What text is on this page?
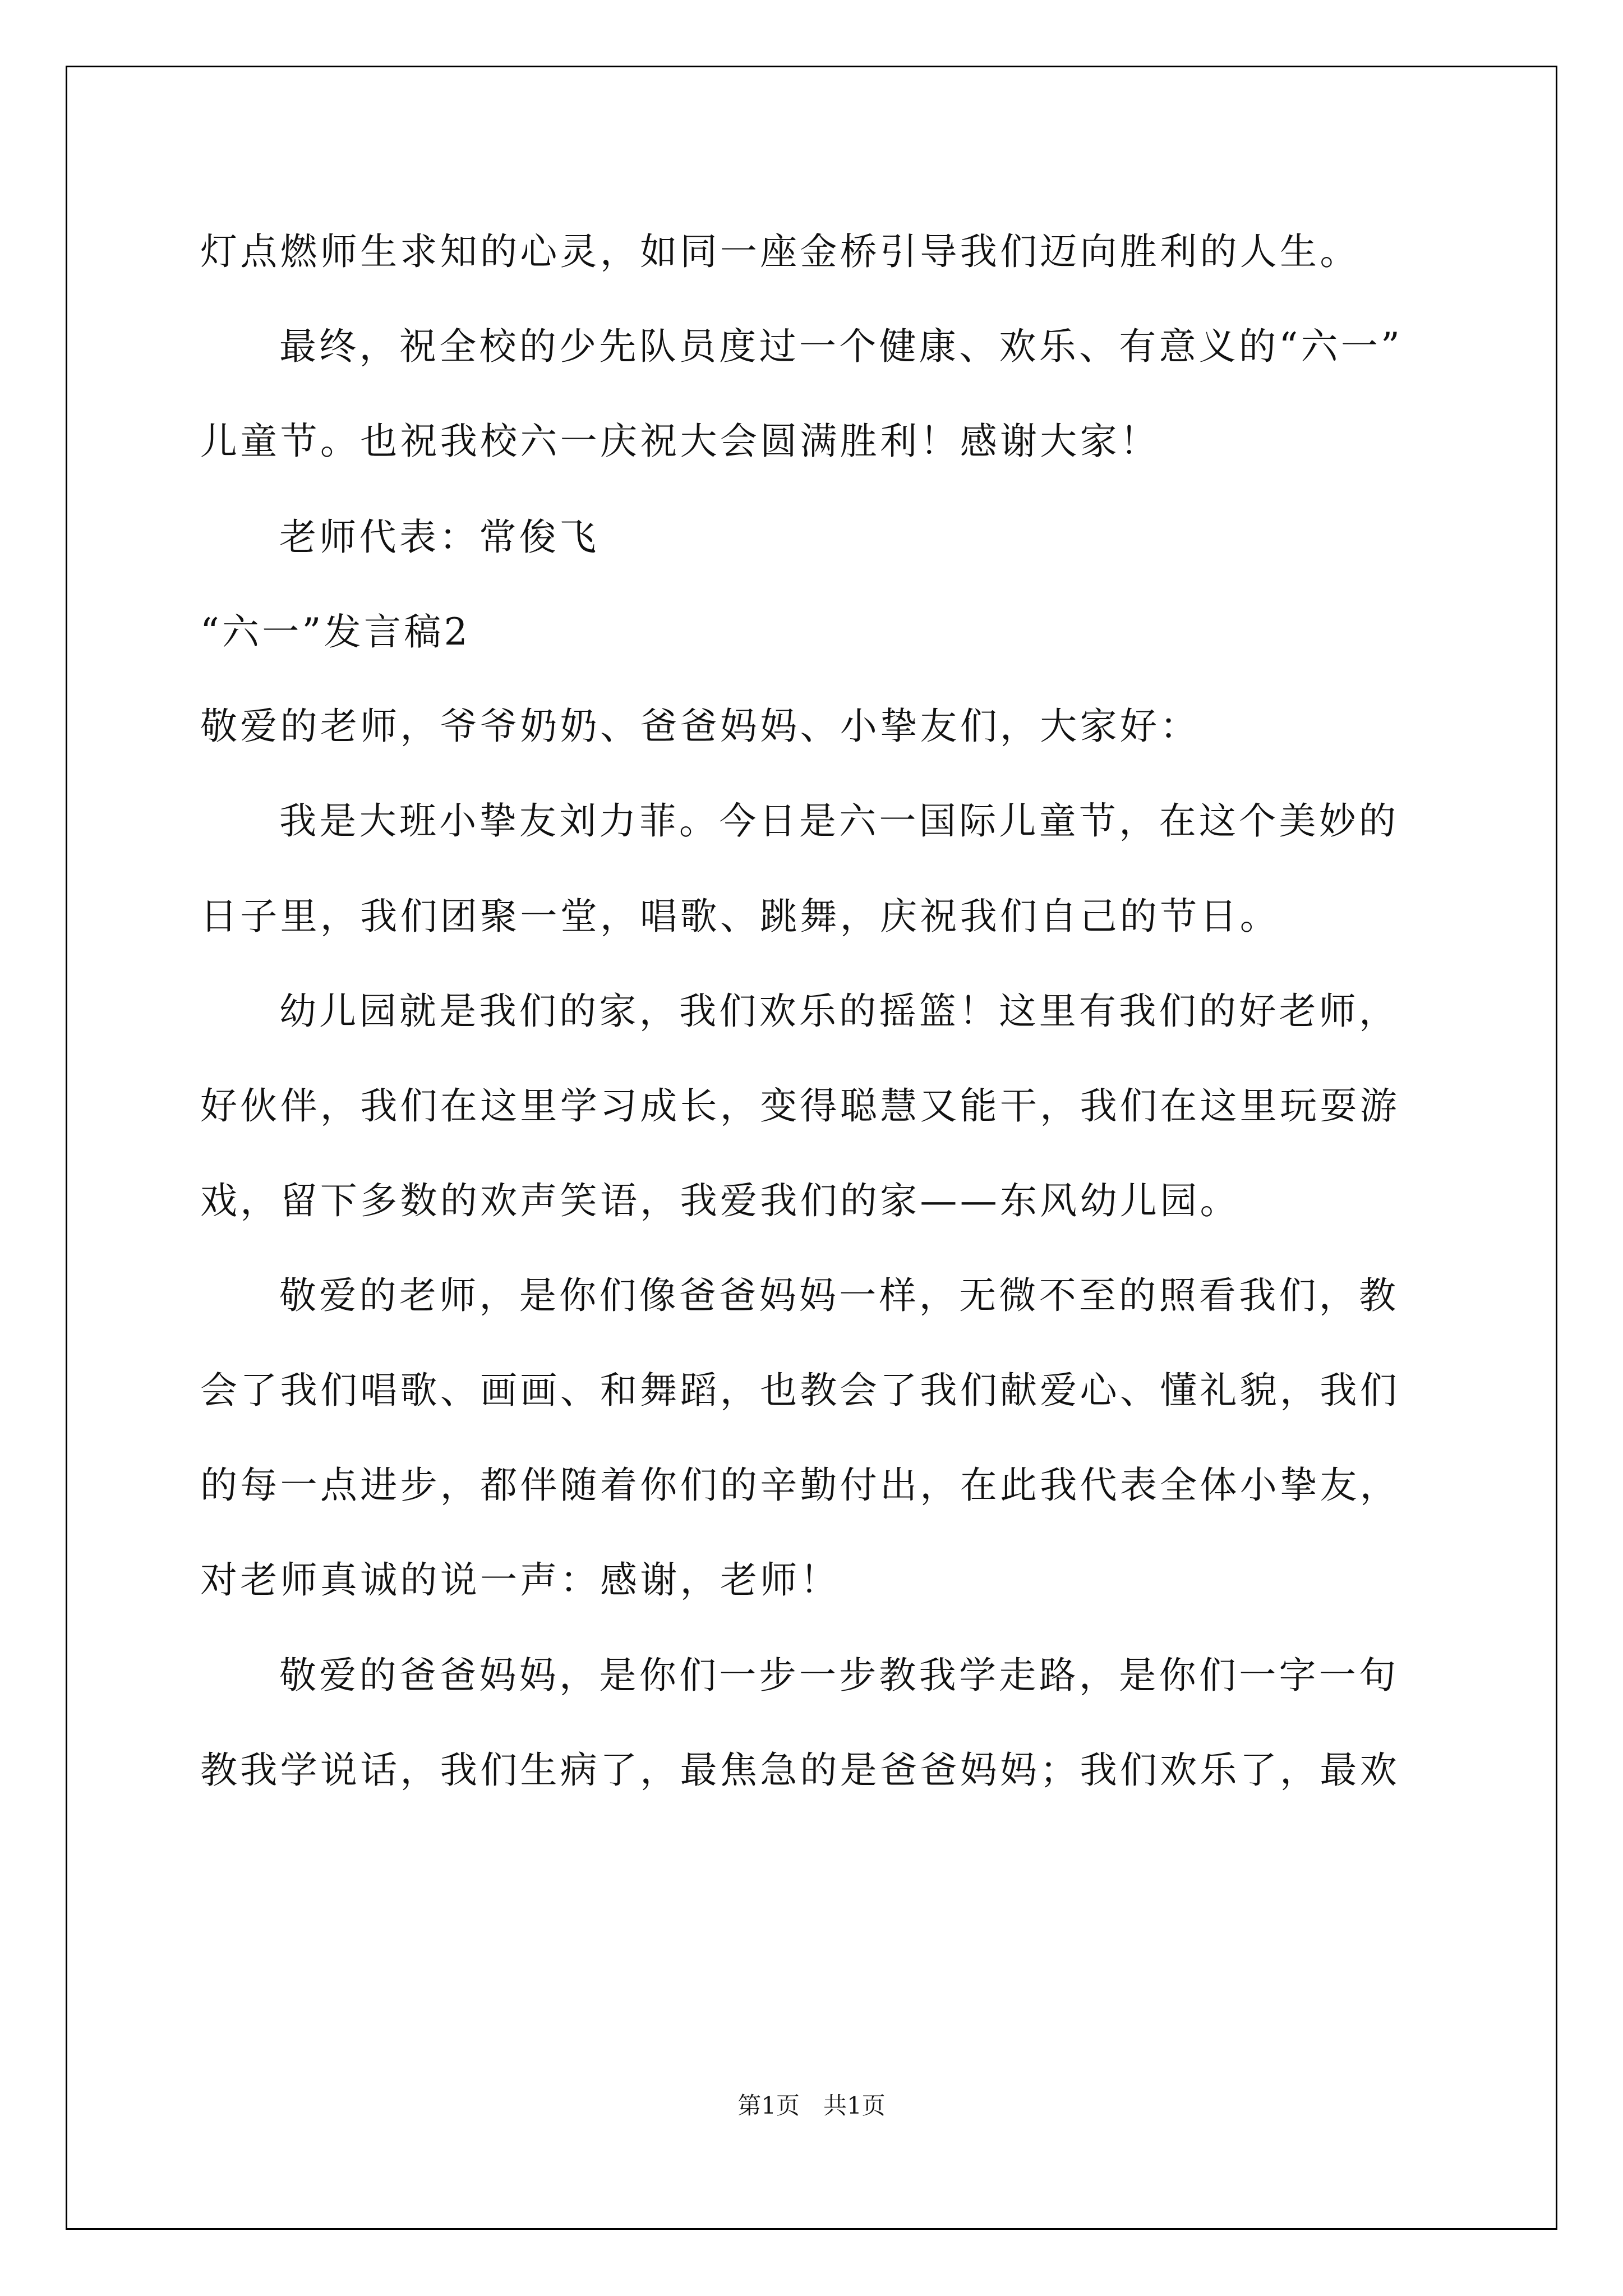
灯点燃师生求知的心灵，如同一座金桥引导我们迈向胜利的人生。
最终，祝全校的少先队员度过一个健康、欢乐、有意义的“六一”
儿童节。也祝我校六一庆祝大会圆满胜利！感谢大家！
老师代表：常俊飞
“六一”发言稿2
敬爱的老师，爷爷奶奶、爸爸妈妈、小挚友们，大家好：
我是大班小挚友刘力菲。今日是六一国际儿童节，在这个美妙的
日子里，我们团聚一堂，唱歌、跳舞，庆祝我们自己的节日。
幼儿园就是我们的家，我们欢乐的摇篮！这里有我们的好老师，
好伙伴，我们在这里学习成长，变得聪慧又能干，我们在这里玩耍游
戏，留下多数的欢声笑语，我爱我们的家——东风幼儿园。
敬爱的老师，是你们像爸爸妈妈一样，无微不至的照看我们，教
会了我们唱歌、画画、和舞蹈，也教会了我们献爱心、懂礼貌，我们
的每一点进步，都伴随着你们的辛勤付出，在此我代表全体小挚友，
对老师真诚的说一声：感谢，老师！
敬爱的爸爸妈妈，是你们一步一步教我学走路，是你们一字一句
教我学说话，我们生病了，最焦急的是爸爸妈妈；我们欢乐了，最欢
第1页 共1页
